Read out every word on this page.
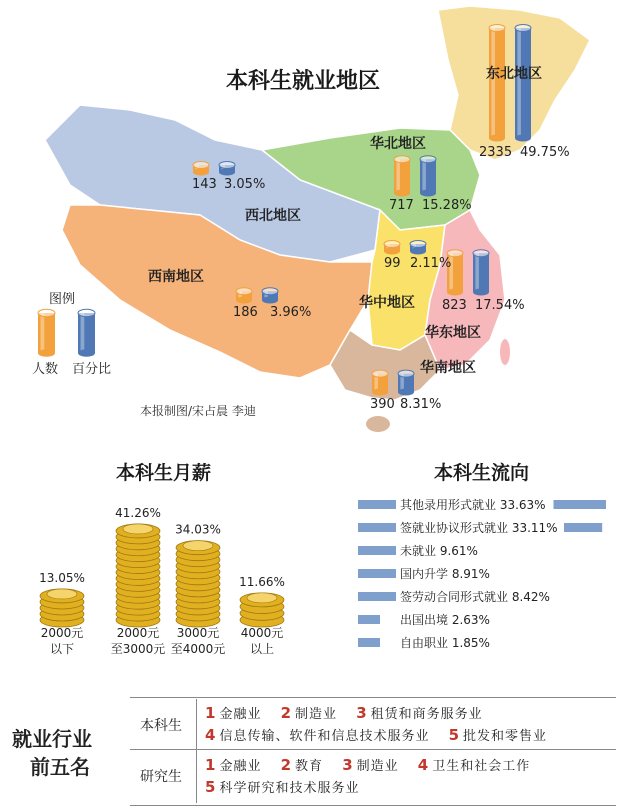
本科生就业地区	东北地区
2335 49.75%
华北地区
717 15.28%
西北地区
143 3.05%
西南地区
186 3.96%
华中地区
99 2.11%
华东地区
823 17.54%
华南地区
390 8.31%
图例
人数 百分比
本报制图/宋占晨 李迪
本科生月薪
13.05%
2000元
以下
41.26%
2000元
至3000元
34.03%
3000元
至4000元
11.66%
4000元
以上
本科生流向
其他录用形式就业 33.63%
签就业协议形式就业 33.11%
未就业 9.61%
国内升学 8.91%
签劳动合同形式就业 8.42%
出国出境 2.63%
自由职业 1.85%
就业行业
前五名
本科生
研究生
1 金融业 2 制造业 3 租赁和商务服务业
4 信息传输、软件和信息技术服务业 5 批发和零售业
1 金融业 2 教育 3 制造业 4 卫生和社会工作
5 科学研究和技术服务业
